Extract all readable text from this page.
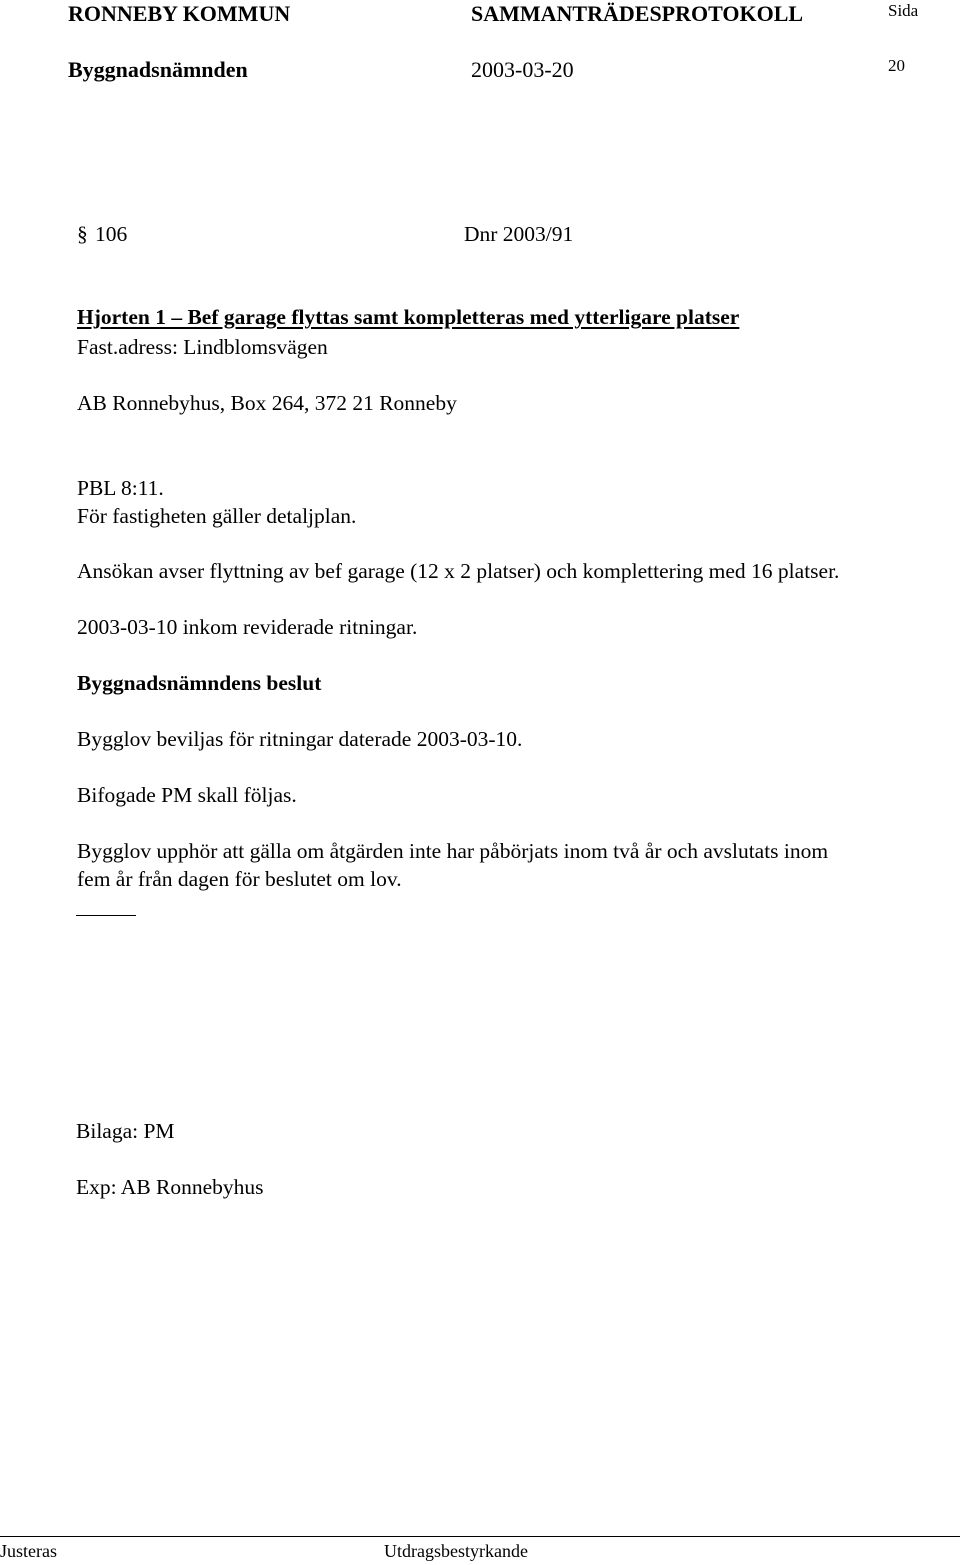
RONNEBY KOMMUN	SAMMANTRÄDESPROTOKOLL	Sida
Byggnadsnämnden	2003-03-20	20
§ 106	Dnr 2003/91
Hjorten 1 – Bef garage flyttas samt kompletteras med ytterligare platser
Fast.adress: Lindblomsvägen
AB Ronnebyhus, Box 264, 372 21 Ronneby
PBL 8:11.
För fastigheten gäller detaljplan.
Ansökan avser flyttning av bef garage (12 x 2 platser) och komplettering med 16 platser.
2003-03-10 inkom reviderade ritningar.
Byggnadsnämndens beslut
Bygglov beviljas för ritningar daterade 2003-03-10.
Bifogade PM skall följas.
Bygglov upphör att gälla om åtgärden inte har påbörjats inom två år och avslutats inom
fem år från dagen för beslutet om lov.
Bilaga: PM
Exp: AB Ronnebyhus
Justeras	Utdragsbestyrkande
